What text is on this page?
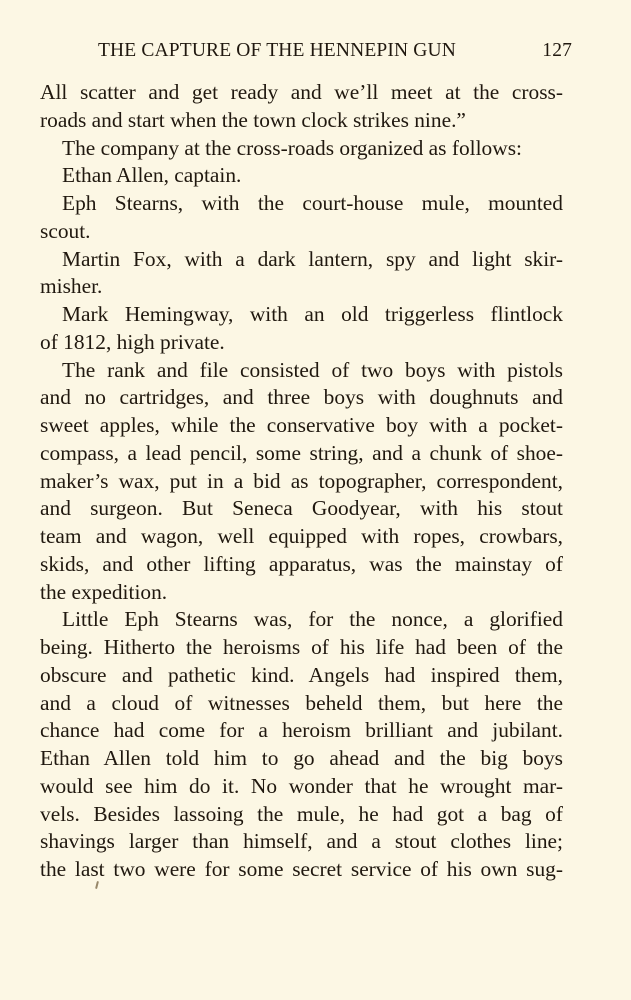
THE CAPTURE OF THE HENNEPIN GUN	127
All scatter and get ready and we’ll meet at the cross-
roads and start when the town clock strikes nine.”
The company at the cross-roads organized as follows:
Ethan Allen, captain.
Eph Stearns, with the court-house mule, mounted
scout.
Martin Fox, with a dark lantern, spy and light skir-
misher.
Mark Hemingway, with an old triggerless flintlock
of 1812, high private.
The rank and file consisted of two boys with pistols
and no cartridges, and three boys with doughnuts and
sweet apples, while the conservative boy with a pocket-
compass, a lead pencil, some string, and a chunk of shoe-
maker’s wax, put in a bid as topographer, correspondent,
and surgeon. But Seneca Goodyear, with his stout
team and wagon, well equipped with ropes, crowbars,
skids, and other lifting apparatus, was the mainstay of
the expedition.
Little Eph Stearns was, for the nonce, a glorified
being. Hitherto the heroisms of his life had been of the
obscure and pathetic kind. Angels had inspired them,
and a cloud of witnesses beheld them, but here the
chance had come for a heroism brilliant and jubilant.
Ethan Allen told him to go ahead and the big boys
would see him do it. No wonder that he wrought mar-
vels. Besides lassoing the mule, he had got a bag of
shavings larger than himself, and a stout clothes line;
the last two were for some secret service of his own sug-
